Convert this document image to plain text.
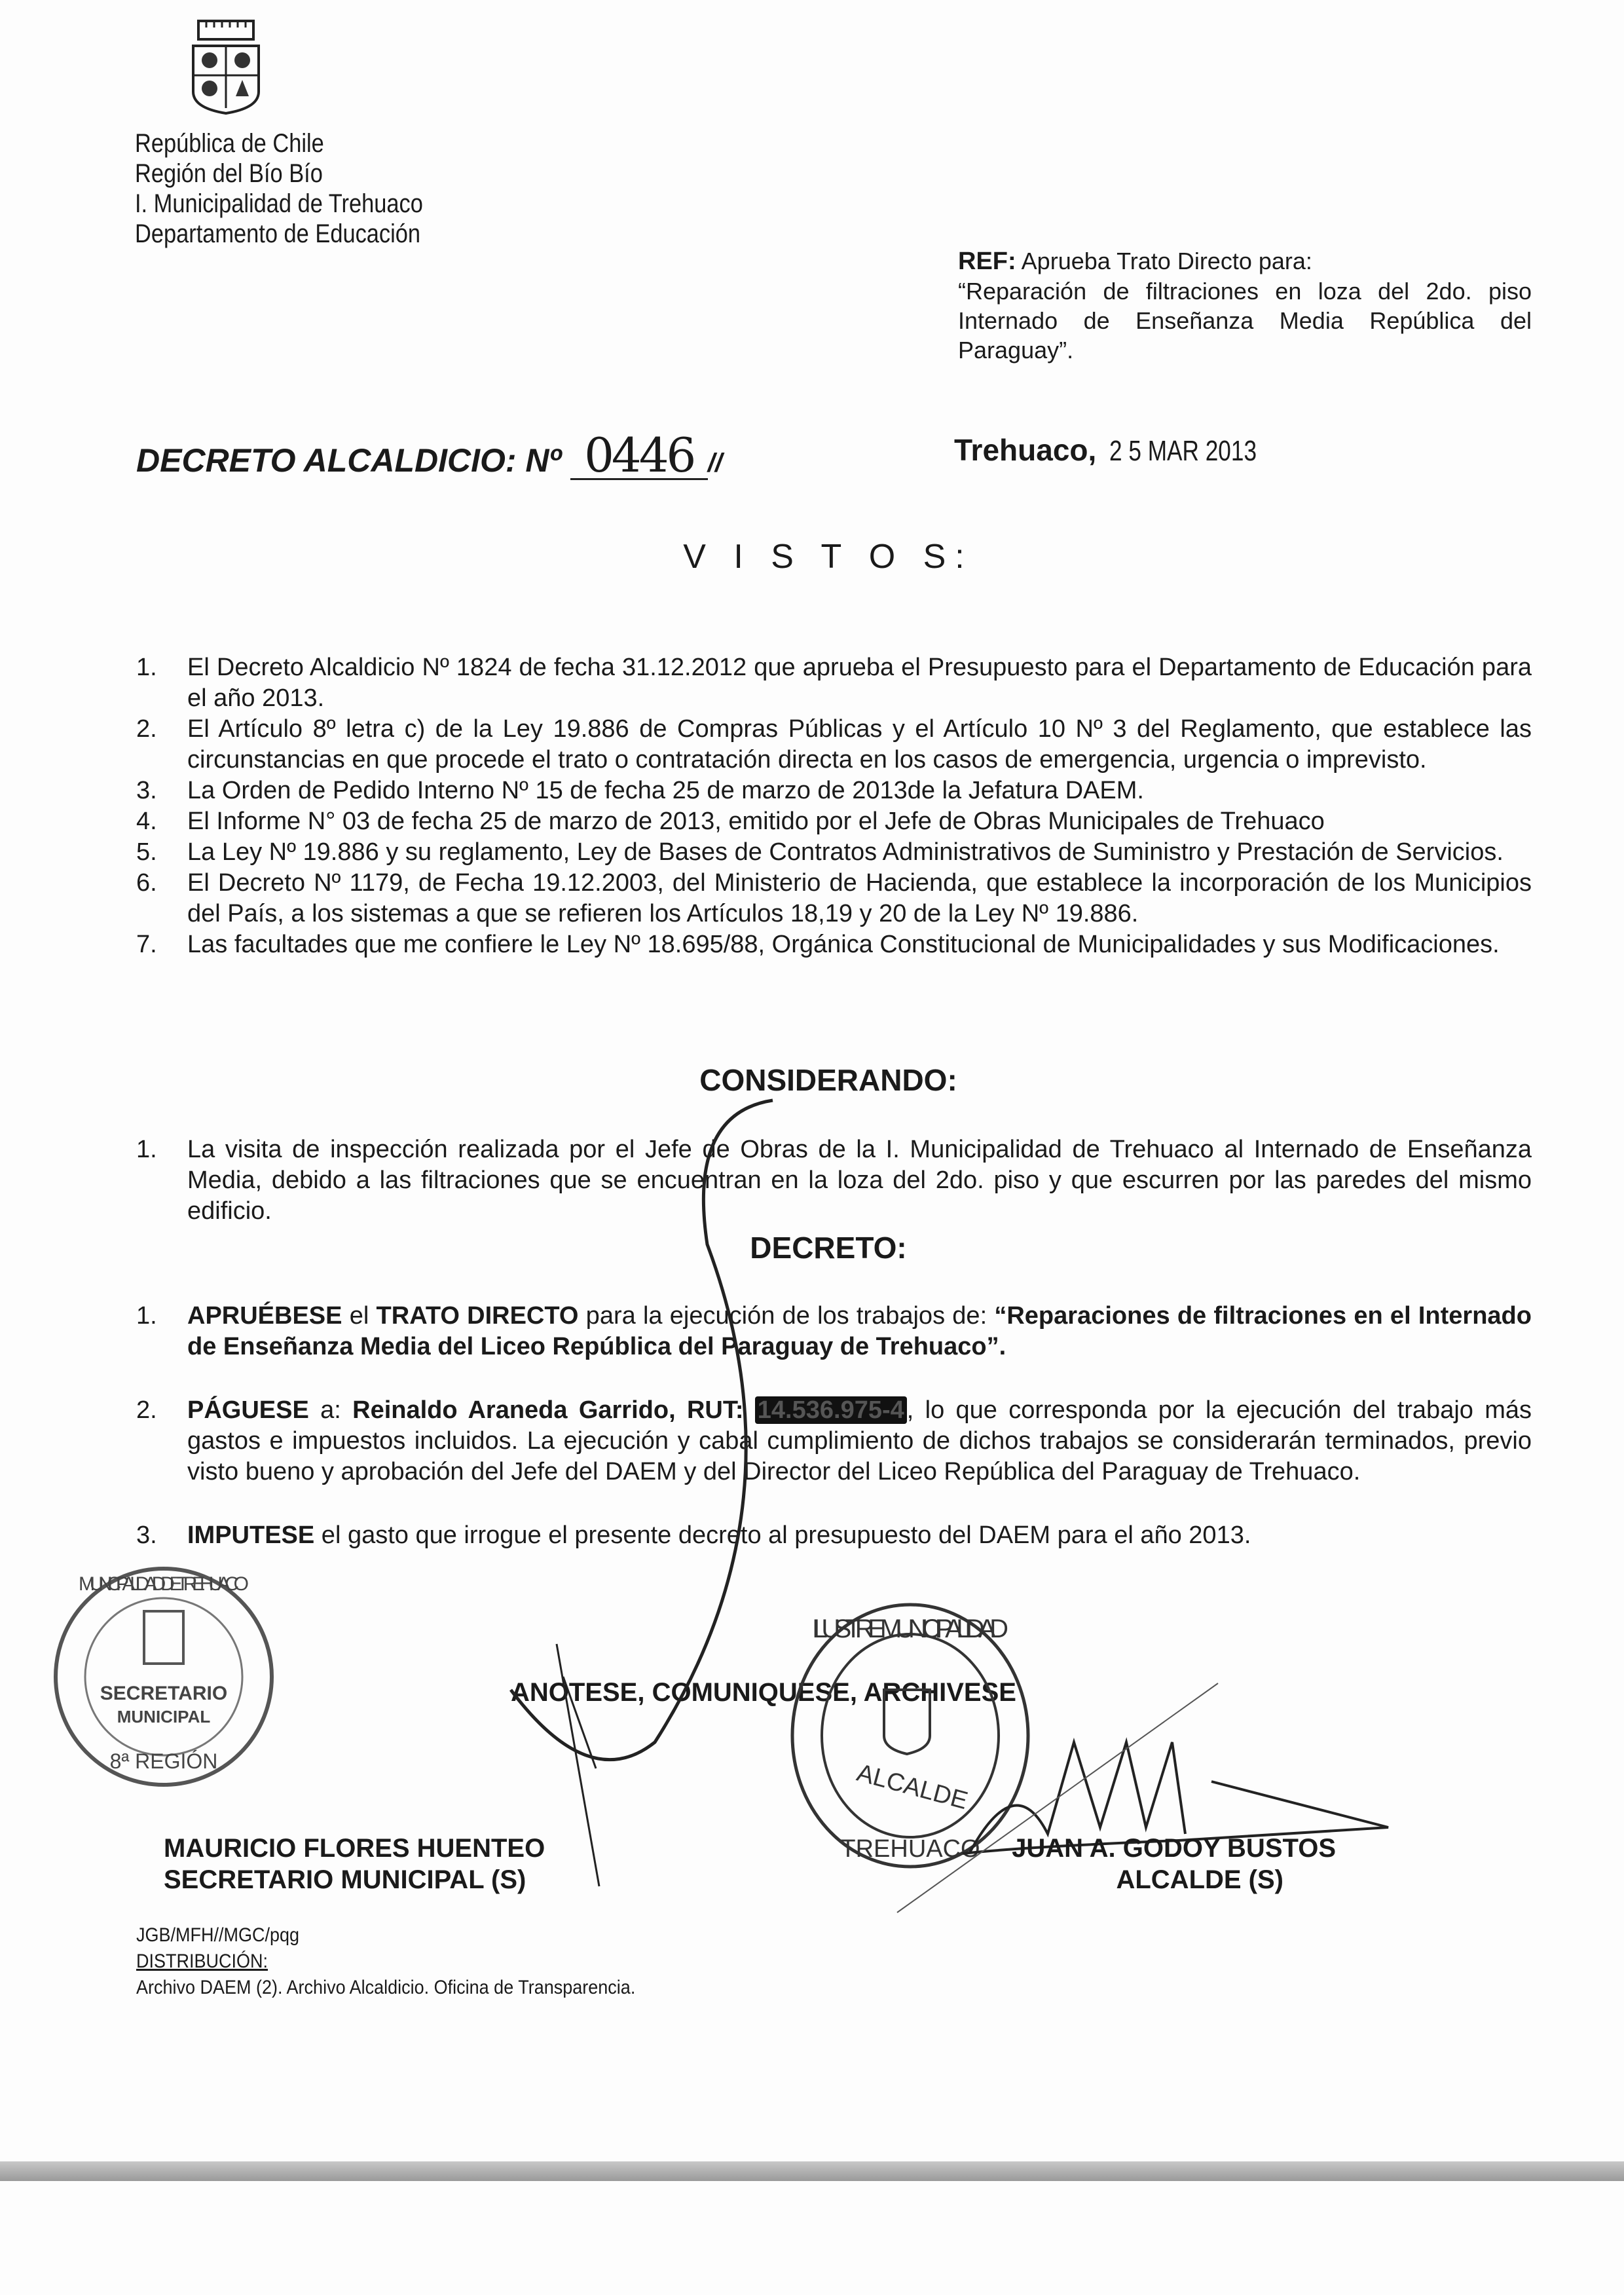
República de Chile
Región del Bío Bío
I. Municipalidad de Trehuaco
Departamento de Educación
REF: Aprueba Trato Directo para:
“Reparación de filtraciones en loza del 2do. piso Internado de Enseñanza Media República del Paraguay”.
DECRETO ALCALDICIO: Nº 0446 //	Trehuaco, 2 5 MAR 2013
V I S T O S:
1.	El Decreto Alcaldicio Nº 1824 de fecha 31.12.2012 que aprueba el Presupuesto para el Departamento de Educación para el año 2013.
2.	El Artículo 8º letra c) de la Ley 19.886 de Compras Públicas y el Artículo 10 Nº 3 del Reglamento, que establece las circunstancias en que procede el trato o contratación directa en los casos de emergencia, urgencia o imprevisto.
3.	La Orden de Pedido Interno Nº 15 de fecha 25 de marzo de 2013de la Jefatura DAEM.
4.	El Informe N° 03 de fecha 25 de marzo de 2013, emitido por el Jefe de Obras Municipales de Trehuaco
5.	La Ley Nº 19.886 y su reglamento, Ley de Bases de Contratos Administrativos de Suministro y Prestación de Servicios.
6.	El Decreto Nº 1179, de Fecha 19.12.2003, del Ministerio de Hacienda, que establece la incorporación de los Municipios del País, a los sistemas a que se refieren los Artículos 18,19 y 20 de la Ley Nº 19.886.
7.	Las facultades que me confiere le Ley Nº 18.695/88, Orgánica Constitucional de Municipalidades y sus Modificaciones.
CONSIDERANDO:
1.	La visita de inspección realizada por el Jefe de Obras de la I. Municipalidad de Trehuaco al Internado de Enseñanza Media, debido a las filtraciones que se encuentran en la loza del 2do. piso y que escurren por las paredes del mismo edificio.
DECRETO:
1.	APRUÉBESE el TRATO DIRECTO para la ejecución de los trabajos de: “Reparaciones de filtraciones en el Internado de Enseñanza Media del Liceo República del Paraguay de Trehuaco”.
2.	PÁGUESE a: Reinaldo Araneda Garrido, RUT: 14.536.975-4 , lo que corresponda por la ejecución del trabajo más gastos e impuestos incluidos. La ejecución y cabal cumplimiento de dichos trabajos se considerarán terminados, previo visto bueno y aprobación del Jefe del DAEM y del Director del Liceo República del Paraguay de Trehuaco.
3.	IMPUTESE el gasto que irrogue el presente decreto al presupuesto del DAEM para el año 2013.
ANOTESE, COMUNIQUESE, ARCHIVESE
SECRETARIO
MUNICIPAL
8ª REGIÓN
MUNICIPALIDAD DE TREHUACO
ILUSTRE MUNICIPALIDAD
ALCALDE
TREHUACO
MAURICIO FLORES HUENTEO
SECRETARIO MUNICIPAL (S)
JUAN A. GODOY BUSTOS
ALCALDE (S)
JGB/MFH//MGC/pqg
DISTRIBUCIÓN:
Archivo DAEM (2). Archivo Alcaldicio. Oficina de Transparencia.
